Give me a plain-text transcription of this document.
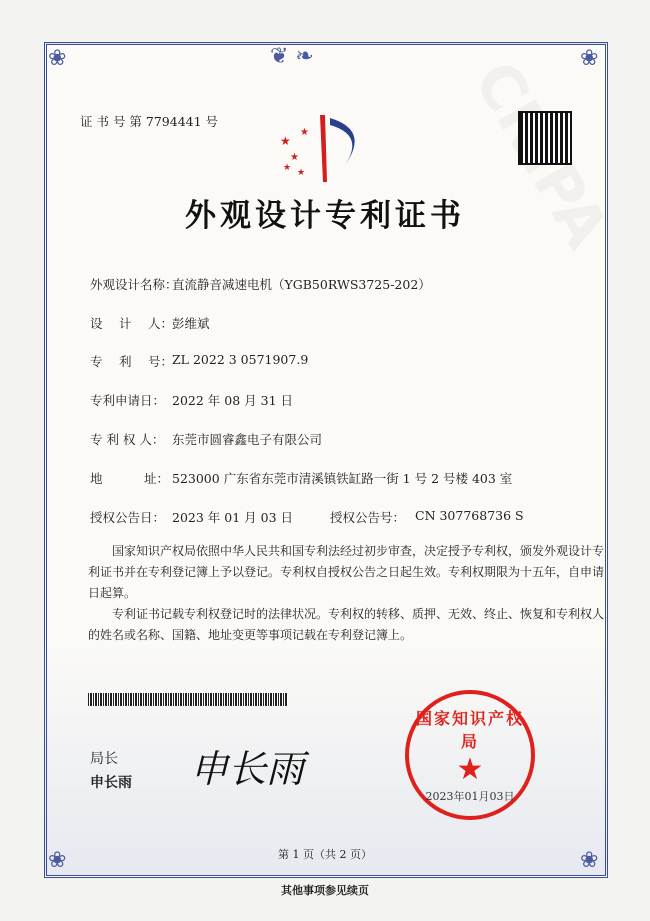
❦ ❧
❀	❀
❀	❀
证 书 号 第 7794441 号
★
★
★
★ ★
外观设计专利证书
外观设计名称：
直流静音减速电机（YGB50RWS3725-202）
设　 计　 人： 彭维斌
专　 利　 号： ZL 2022 3 0571907.9
专利申请日： 2022 年 08 月 31 日
专 利 权 人： 东莞市圆睿鑫电子有限公司
地　　　 址： 523000 广东省东莞市清溪镇铁缸路一街 1 号 2 号楼 403 室
授权公告日： 2023 年 01 月 03 日	授权公告号： CN 307768736 S
国家知识产权局依照中华人民共和国专利法经过初步审查，决定授予专利权，颁发外观设计专利证书并在专利登记簿上予以登记。专利权自授权公告之日起生效。专利权期限为十五年，自申请日起算。
专利证书记载专利权登记时的法律状况。专利权的转移、质押、无效、终止、恢复和专利权人的姓名或名称、国籍、地址变更等事项记载在专利登记簿上。
局长
申长雨 申长雨
国家知识产权局
★
2023年01月03日
第 1 页（共 2 页）
其他事项参见续页
